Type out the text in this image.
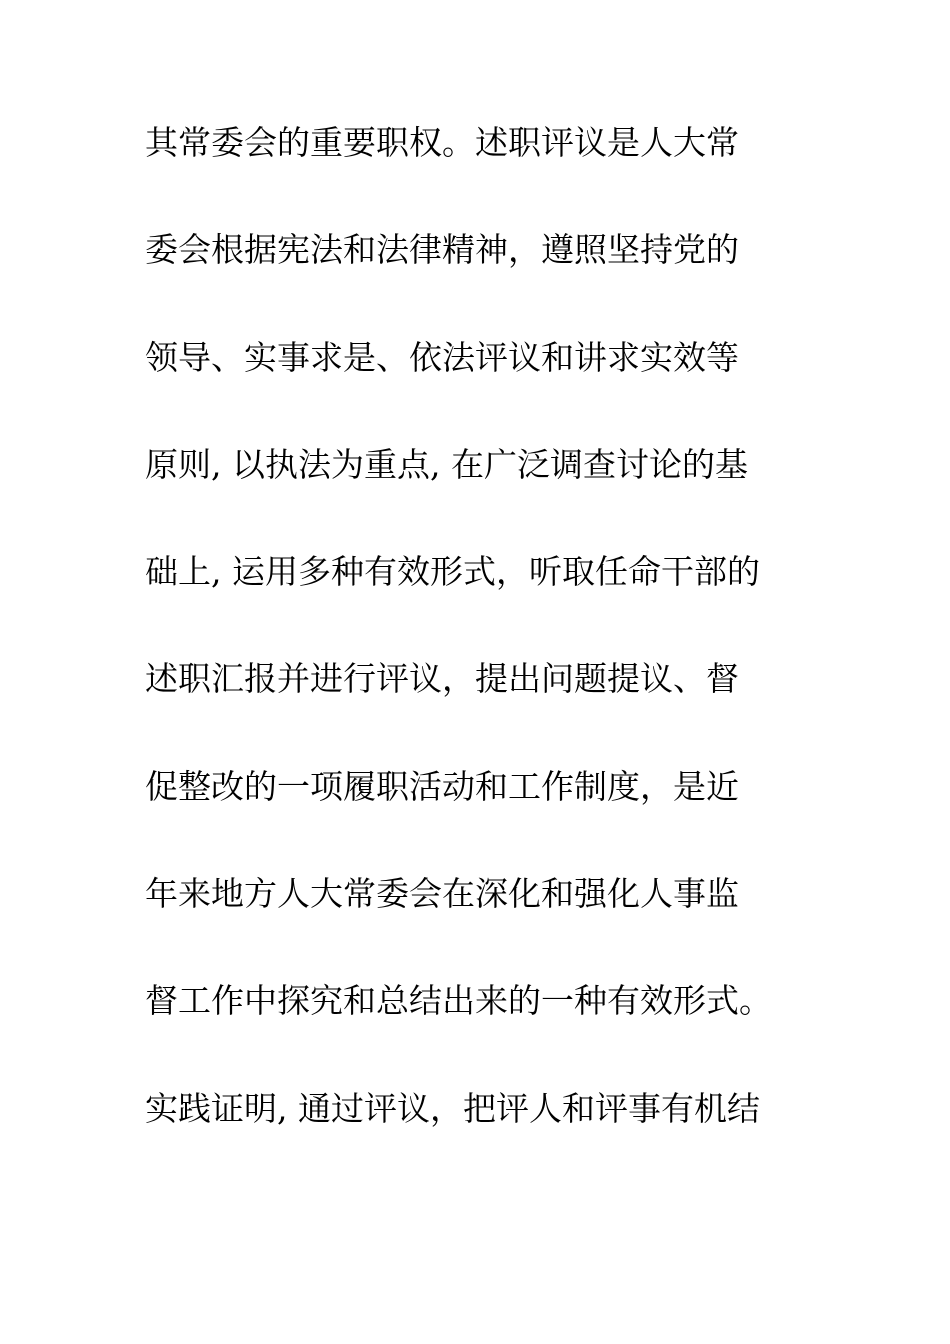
其常委会的重要职权。述职评议是人大常
委会根据宪法和法律精神，遵照坚持党的
领导、实事求是、依法评议和讲求实效等
原则, 以执法为重点, 在广泛调查讨论的基
础上, 运用多种有效形式，听取任命干部的
述职汇报并进行评议，提出问题提议、督
促整改的一项履职活动和工作制度，是近
年来地方人大常委会在深化和强化人事监
督工作中探究和总结出来的一种有效形式。
实践证明, 通过评议，把评人和评事有机结
